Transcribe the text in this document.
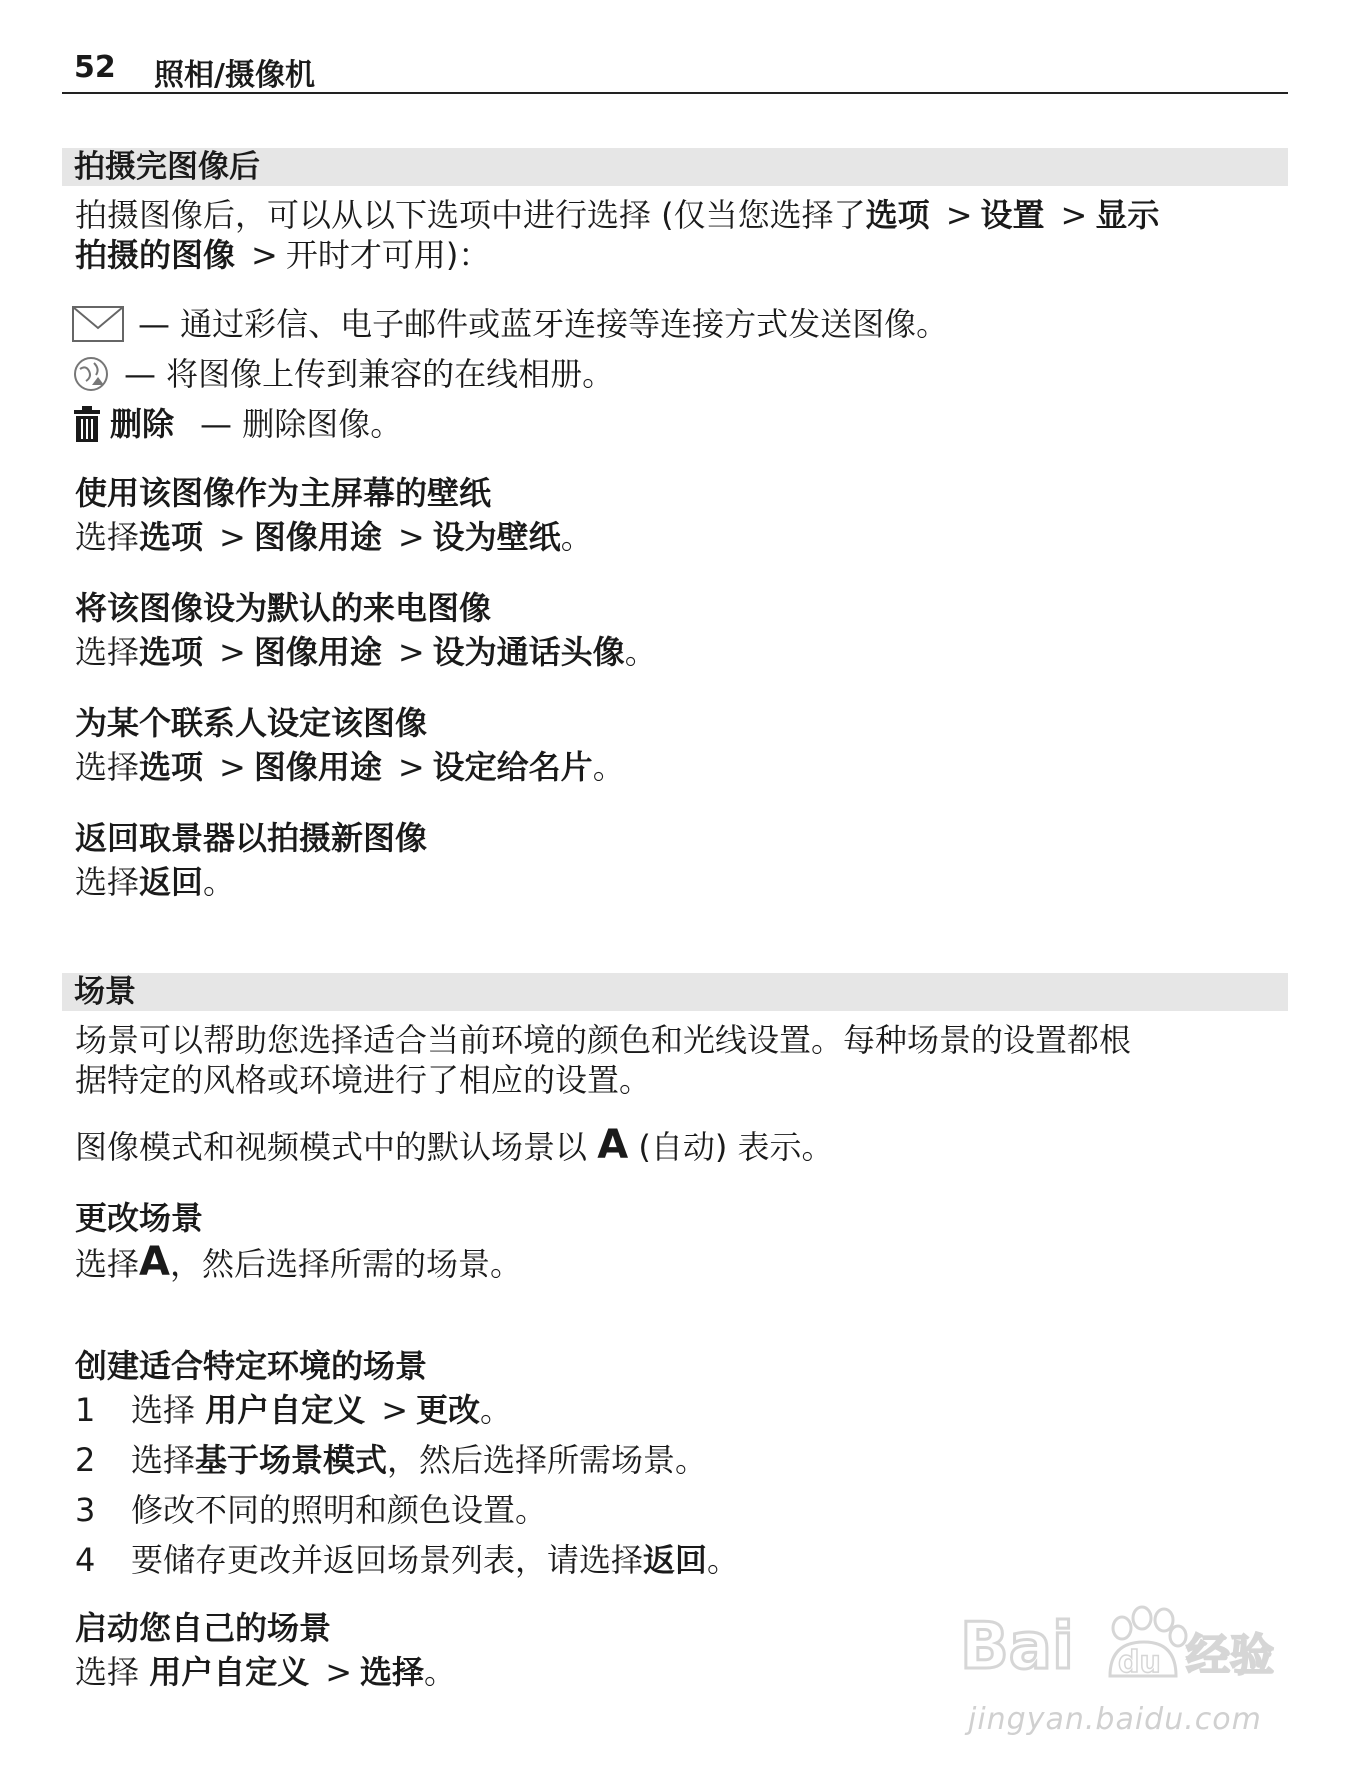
52 照相/摄像机
拍摄完图像后
拍摄图像后，可以从以下选项中进行选择 (仅当您选择了选项 > 设置 > 显示
拍摄的图像 > 开时才可用)：
— 通过彩信、电子邮件或蓝牙连接等连接方式发送图像。
— 将图像上传到兼容的在线相册。
删除 — 删除图像。
使用该图像作为主屏幕的壁纸
选择选项 > 图像用途 > 设为壁纸。
将该图像设为默认的来电图像
选择选项 > 图像用途 > 设为通话头像。
为某个联系人设定该图像
选择选项 > 图像用途 > 设定给名片。
返回取景器以拍摄新图像
选择返回。
场景
场景可以帮助您选择适合当前环境的颜色和光线设置。每种场景的设置都根
据特定的风格或环境进行了相应的设置。
图像模式和视频模式中的默认场景以 A (自动) 表示。
更改场景
选择A，然后选择所需的场景。
创建适合特定环境的场景
1 选择 用户自定义 > 更改。
2 选择基于场景模式，然后选择所需场景。
3 修改不同的照明和颜色设置。
4 要储存更改并返回场景列表，请选择返回。
启动您自己的场景
选择 用户自定义 > 选择。	Bai du 经验
jingyan.baidu.com
